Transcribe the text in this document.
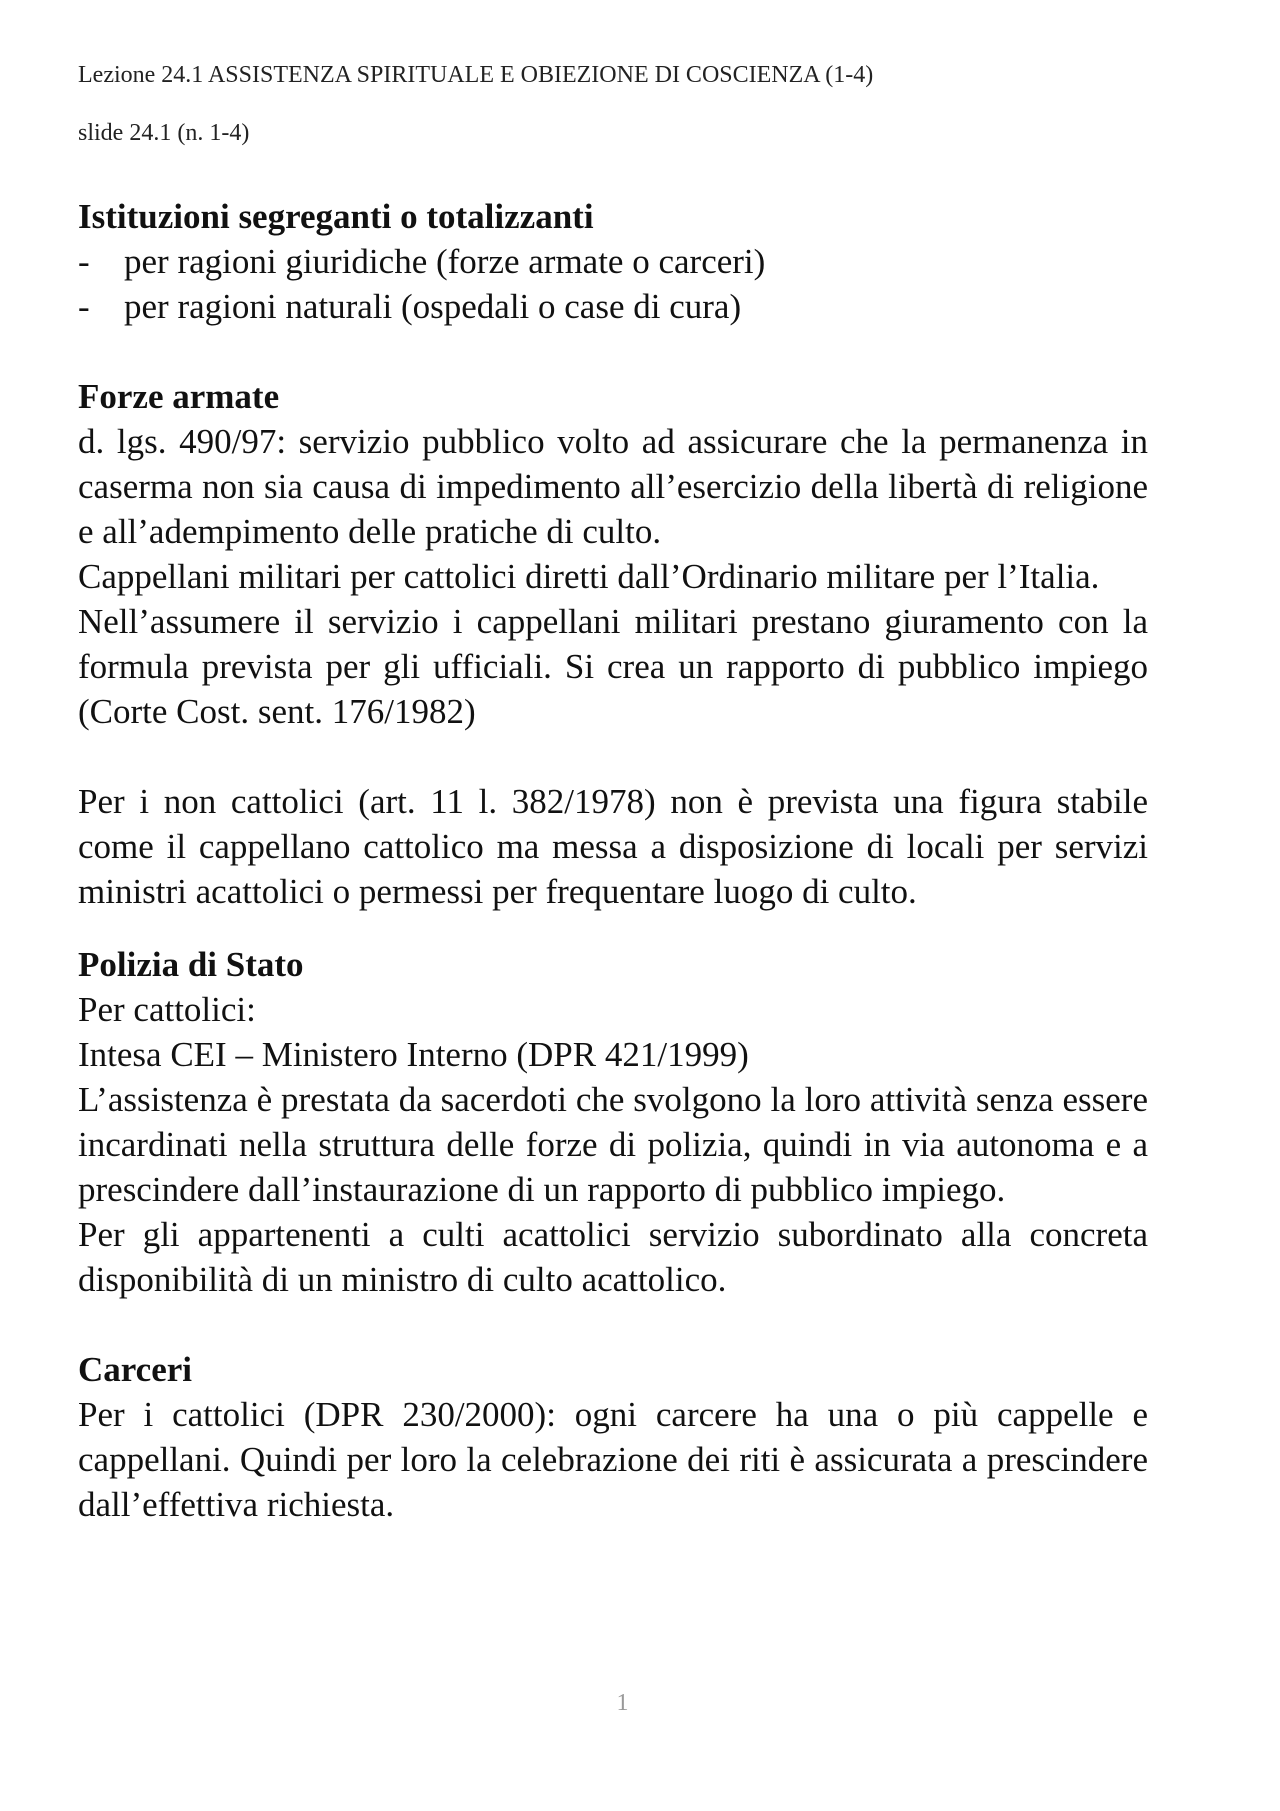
Lezione 24.1 ASSISTENZA SPIRITUALE E OBIEZIONE DI COSCIENZA (1-4)
slide 24.1 (n. 1-4)
Istituzioni segreganti o totalizzanti
- per ragioni giuridiche (forze armate o carceri)
- per ragioni naturali (ospedali o case di cura)
Forze armate

d. lgs. 490/97: servizio pubblico volto ad assicurare che la permanenza in caserma non sia causa di impedimento all’esercizio della libertà di religione e all’adempimento delle pratiche di culto.

Cappellani militari per cattolici diretti dall’Ordinario militare per l’Italia.

Nell’assumere il servizio i cappellani militari prestano giuramento con la formula prevista per gli ufficiali. Si crea un rapporto di pubblico impiego (Corte Cost. sent. 176/1982)

Per i non cattolici (art. 11 l. 382/1978) non è prevista una figura stabile come il cappellano cattolico ma messa a disposizione di locali per servizi ministri acattolici o permessi per frequentare luogo di culto.

Polizia di Stato

Per cattolici:

Intesa CEI – Ministero Interno (DPR 421/1999)

L’assistenza è prestata da sacerdoti che svolgono la loro attività senza essere incardinati nella struttura delle forze di polizia, quindi in via autonoma e a prescindere dall’instaurazione di un rapporto di pubblico impiego.

Per gli appartenenti a culti acattolici servizio subordinato alla concreta disponibilità di un ministro di culto acattolico.

Carceri

Per i cattolici (DPR 230/2000): ogni carcere ha una o più cappelle e cappellani. Quindi per loro la celebrazione dei riti è assicurata a prescindere dall’effettiva richiesta.

1
